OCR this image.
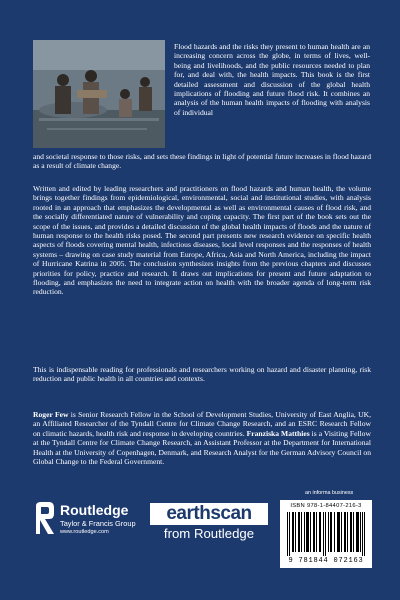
Flood hazards and the risks they present to human health are an increasing concern across the globe, in terms of lives, well-being and livelihoods, and the public resources needed to plan for, and deal with, the health impacts. This book is the first detailed assessment and discussion of the global health implications of flooding and future flood risk. It combines an analysis of the human health impacts of flooding with analysis of individual
and societal response to those risks, and sets these findings in light of potential future increases in flood hazard as a result of climate change.
Written and edited by leading researchers and practitioners on flood hazards and human health, the volume brings together findings from epidemiological, environmental, social and institutional studies, with analysis rooted in an approach that emphasizes the developmental as well as environmental causes of flood risk, and the socially differentiated nature of vulnerability and coping capacity. The first part of the book sets out the scope of the issues, and provides a detailed discussion of the global health impacts of floods and the nature of human response to the health risks posed. The second part presents new research evidence on specific health aspects of floods covering mental health, infectious diseases, local level responses and the responses of health systems – drawing on case study material from Europe, Africa, Asia and North America, including the impact of Hurricane Katrina in 2005. The conclusion synthesizes insights from the previous chapters and discusses priorities for policy, practice and research. It draws out implications for present and future adaptation to flooding, and emphasizes the need to integrate action on health with the broader agenda of long-term risk reduction.
This is indispensable reading for professionals and researchers working on hazard and disaster planning, risk reduction and public health in all countries and contexts.
Roger Few is Senior Research Fellow in the School of Development Studies, University of East Anglia, UK, an Affiliated Researcher of the Tyndall Centre for Climate Change Research, and an ESRC Research Fellow on climatic hazards, health risk and response in developing countries. Franziska Matthies is a Visiting Fellow at the Tyndall Centre for Climate Change Research, an Assistant Professor at the Department for International Health at the University of Copenhagen, Denmark, and Research Analyst for the German Advisory Council on Global Change to the Federal Government.
Routledge
Taylor & Francis Group
www.routledge.com
earthscan
from Routledge
an informa business
ISBN 978-1-84407-216-3
9 781844 072163
